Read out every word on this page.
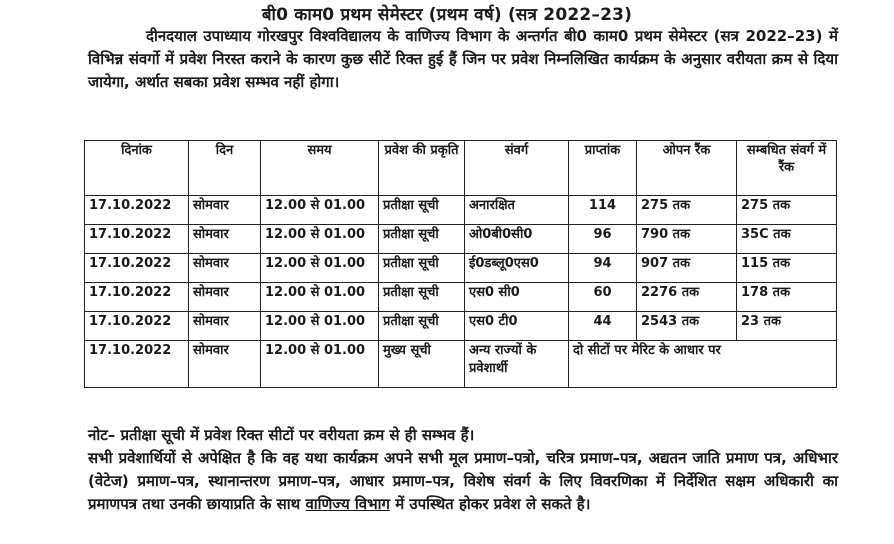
बी0 काम0 प्रथम सेमेस्टर (प्रथम वर्ष) (सत्र 2022–23)
दीनदयाल उपाध्याय गोरखपुर विश्वविद्यालय के वाणिज्य विभाग के अन्तर्गत बी0 काम0 प्रथम सेमेस्टर (सत्र 2022–23) में विभिन्न संवर्गो में प्रवेश निरस्त कराने के कारण कुछ सीटें रिक्त हुई हैं जिन पर प्रवेश निम्नलिखित कार्यक्रम के अनुसार वरीयता क्रम से दिया जायेगा, अर्थात सबका प्रवेश सम्भव नहीं होगा।
दिनांक	दिन	समय	प्रवेश की प्रकृति	संवर्ग	प्राप्तांक	ओपन रैंक	सम्बधित संवर्ग में रैंक
17.10.2022	सोमवार	12.00 से 01.00	प्रतीक्षा सूची	अनारक्षित	114	275 तक	275 तक
17.10.2022	सोमवार	12.00 से 01.00	प्रतीक्षा सूची	ओ0बी0सी0	96	790 तक	35C तक
17.10.2022	सोमवार	12.00 से 01.00	प्रतीक्षा सूची	ई0डब्लू0एस0	94	907 तक	115 तक
17.10.2022	सोमवार	12.00 से 01.00	प्रतीक्षा सूची	एस0 सी0	60	2276 तक	178 तक
17.10.2022	सोमवार	12.00 से 01.00	प्रतीक्षा सूची	एस0 टी0	44	2543 तक	23 तक
17.10.2022	सोमवार	12.00 से 01.00	मुख्य सूची	अन्य राज्यों के प्रवेशार्थी	दो सीटों पर मेरिट के आधार पर		

नोट– प्रतीक्षा सूची में प्रवेश रिक्त सीटों पर वरीयता क्रम से ही सम्भव हैं।

सभी प्रवेशार्थियों से अपेक्षित है कि वह यथा कार्यक्रम अपने सभी मूल प्रमाण–पत्रो, चरित्र प्रमाण–पत्र, अद्यतन जाति प्रमाण पत्र, अधिभार (वेटेज) प्रमाण–पत्र, स्थानान्तरण प्रमाण–पत्र, आधार प्रमाण–पत्र, विशेष संवर्ग के लिए विवरणिका में निर्देशित सक्षम अधिकारी का प्रमाणपत्र तथा उनकी छायाप्रति के साथ वाणिज्य विभाग में उपस्थित होकर प्रवेश ले सकते है।
